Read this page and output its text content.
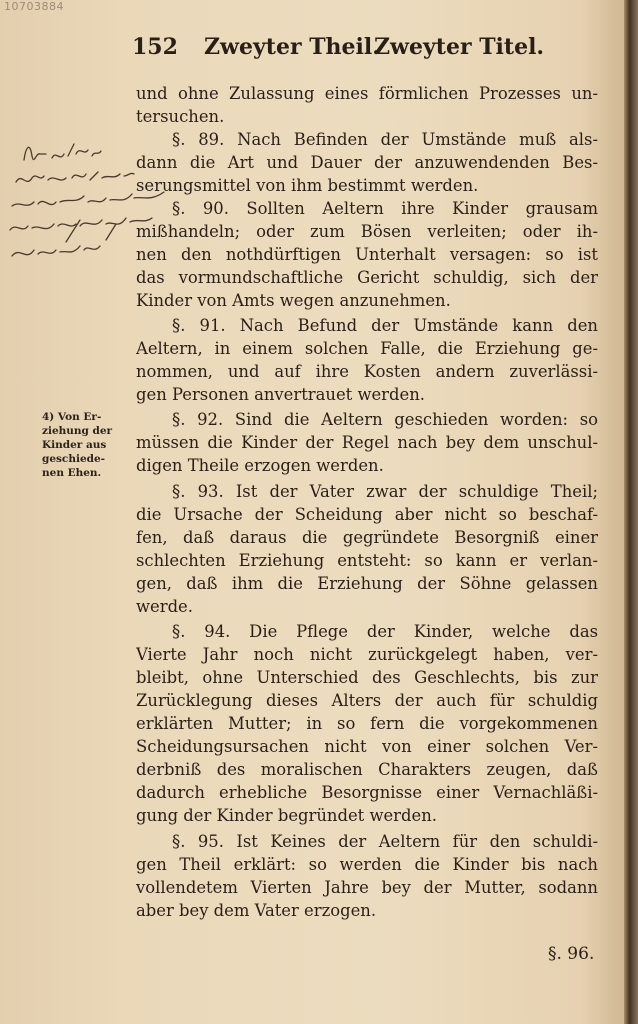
10703884
152 Zweyter Theil.
Zweyter Titel.
und ohne Zulassung eines förmlichen Prozesses un-
tersuchen.
§. 89. Nach Befinden der Umstände muß als-
dann die Art und Dauer der anzuwendenden Bes-
serungsmittel von ihm bestimmt werden.
§. 90. Sollten Aeltern ihre Kinder grausam
mißhandeln; oder zum Bösen verleiten; oder ih-
nen den nothdürftigen Unterhalt versagen: so ist
das vormundschaftliche Gericht schuldig, sich der
Kinder von Amts wegen anzunehmen.
§. 91. Nach Befund der Umstände kann den
Aeltern, in einem solchen Falle, die Erziehung ge-
nommen, und auf ihre Kosten andern zuverlässi-
gen Personen anvertrauet werden.
§. 92. Sind die Aeltern geschieden worden: so
müssen die Kinder der Regel nach bey dem unschul-
digen Theile erzogen werden.
§. 93. Ist der Vater zwar der schuldige Theil;
die Ursache der Scheidung aber nicht so beschaf-
fen, daß daraus die gegründete Besorgniß einer
schlechten Erziehung entsteht: so kann er verlan-
gen, daß ihm die Erziehung der Söhne gelassen
werde.
§. 94. Die Pflege der Kinder, welche das
Vierte Jahr noch nicht zurückgelegt haben, ver-
bleibt, ohne Unterschied des Geschlechts, bis zur
Zurücklegung dieses Alters der auch für schuldig
erklärten Mutter; in so fern die vorgekommenen
Scheidungsursachen nicht von einer solchen Ver-
derbniß des moralischen Charakters zeugen, daß
dadurch erhebliche Besorgnisse einer Vernachläßi-
gung der Kinder begründet werden.
§. 95. Ist Keines der Aeltern für den schuldi-
gen Theil erklärt: so werden die Kinder bis nach
vollendetem Vierten Jahre bey der Mutter, sodann
aber bey dem Vater erzogen.
4) Von Er-
ziehung der
Kinder aus
geschiede-
nen Ehen.
§. 96.
